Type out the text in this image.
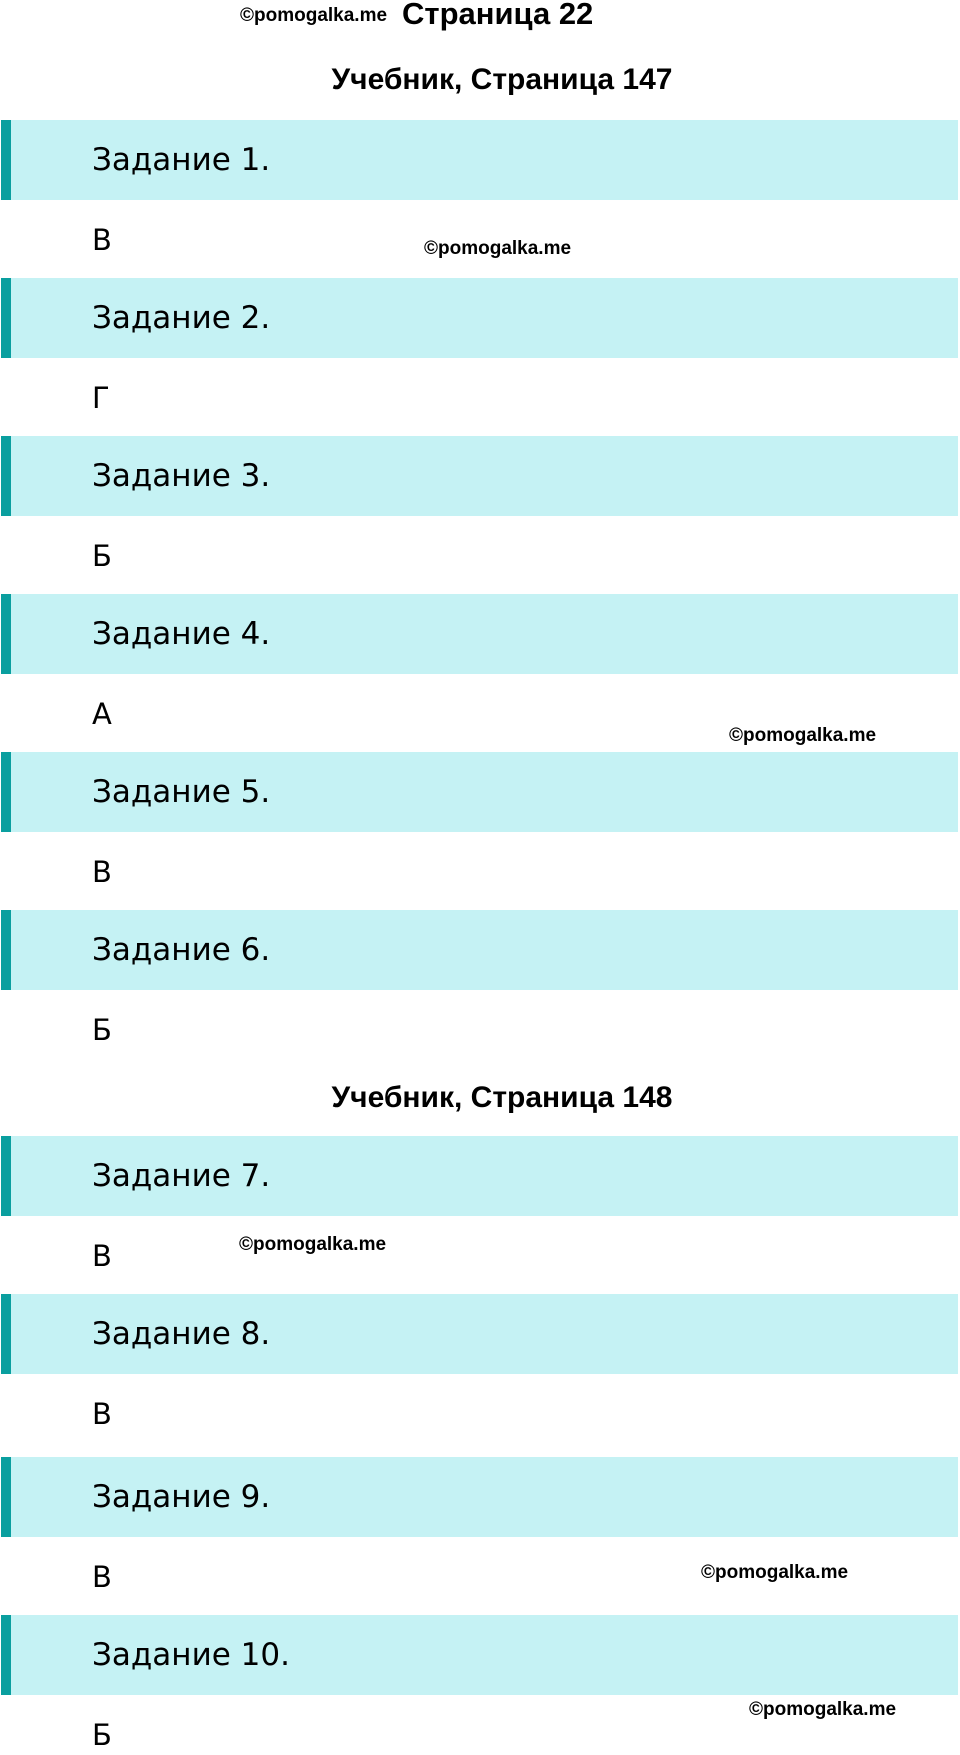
©pomogalka.me Страница 22
Учебник, Страница 147
Задание 1.
В
Задание 2.
Г
Задание 3.
Б
Задание 4.
А
Задание 5.
В
Задание 6.
Б
Учебник, Страница 148
Задание 7.
В
Задание 8.
В
Задание 9.
В
Задание 10.
Б
©pomogalka.me
©pomogalka.me
©pomogalka.me
©pomogalka.me
©pomogalka.me
